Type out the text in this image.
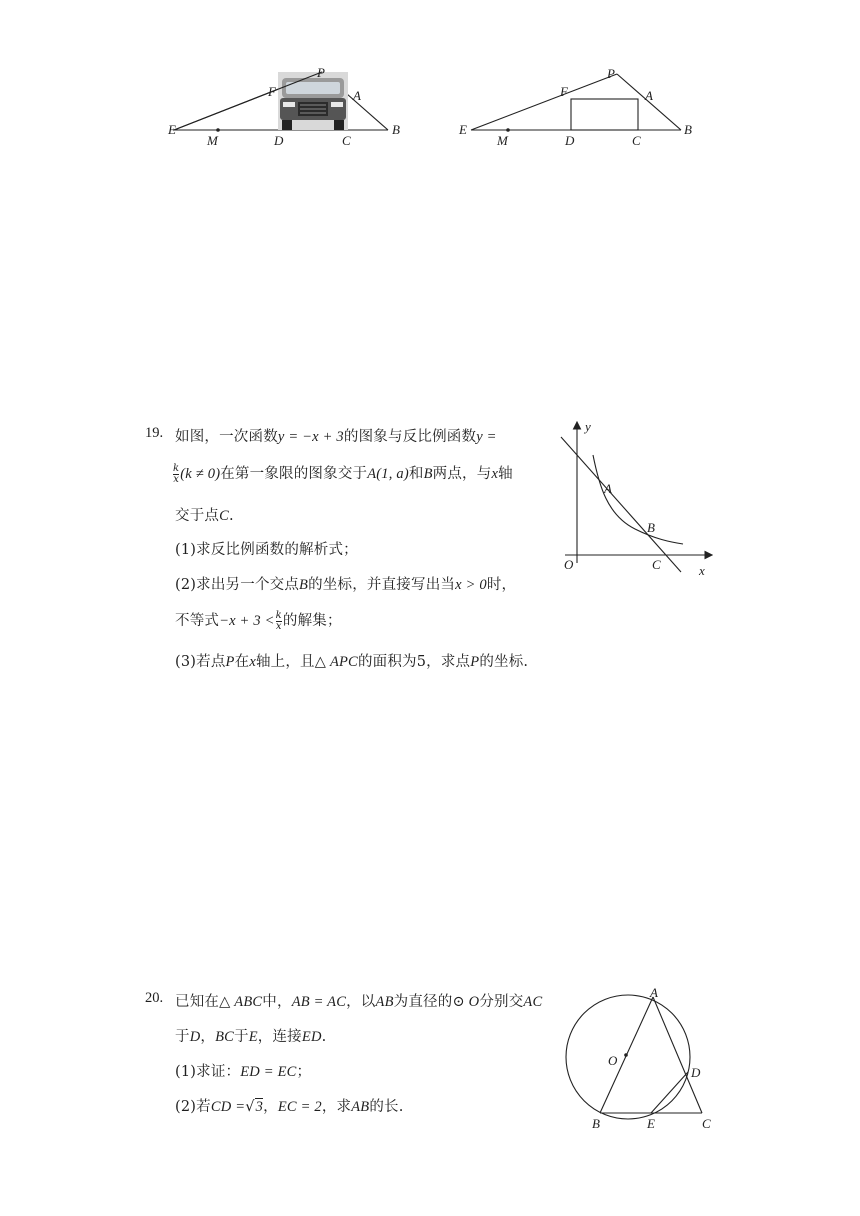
E
M	D	C
B
F
P
A
E
M	D	C
B
F
P
A
19. 如图，一次函数y = −x + 3的图象与反比例函数y =
$\frac{k}{x} (k \ne 0)$在第一象限的图象交于A(1, a)和B两点，与x轴
交于点C.
(1)求反比例函数的解析式；
(2)求出另一个交点B的坐标，并直接写出当x > 0时，
不等式$-x + 3 < \frac{k}{x}$ 的解集；
(3)若点P在x轴上，且△ APC的面积为5，求点P的坐标.
y
x
O
A
B
C
20. 已知在△ ABC中，AB = AC，以AB为直径的⊙ O分别交AC
于D，BC于E，连接ED.
(1)求证：ED = EC；
(2)若CD =√3，EC = 2，求AB的长.
A
O
D
B	E	C
